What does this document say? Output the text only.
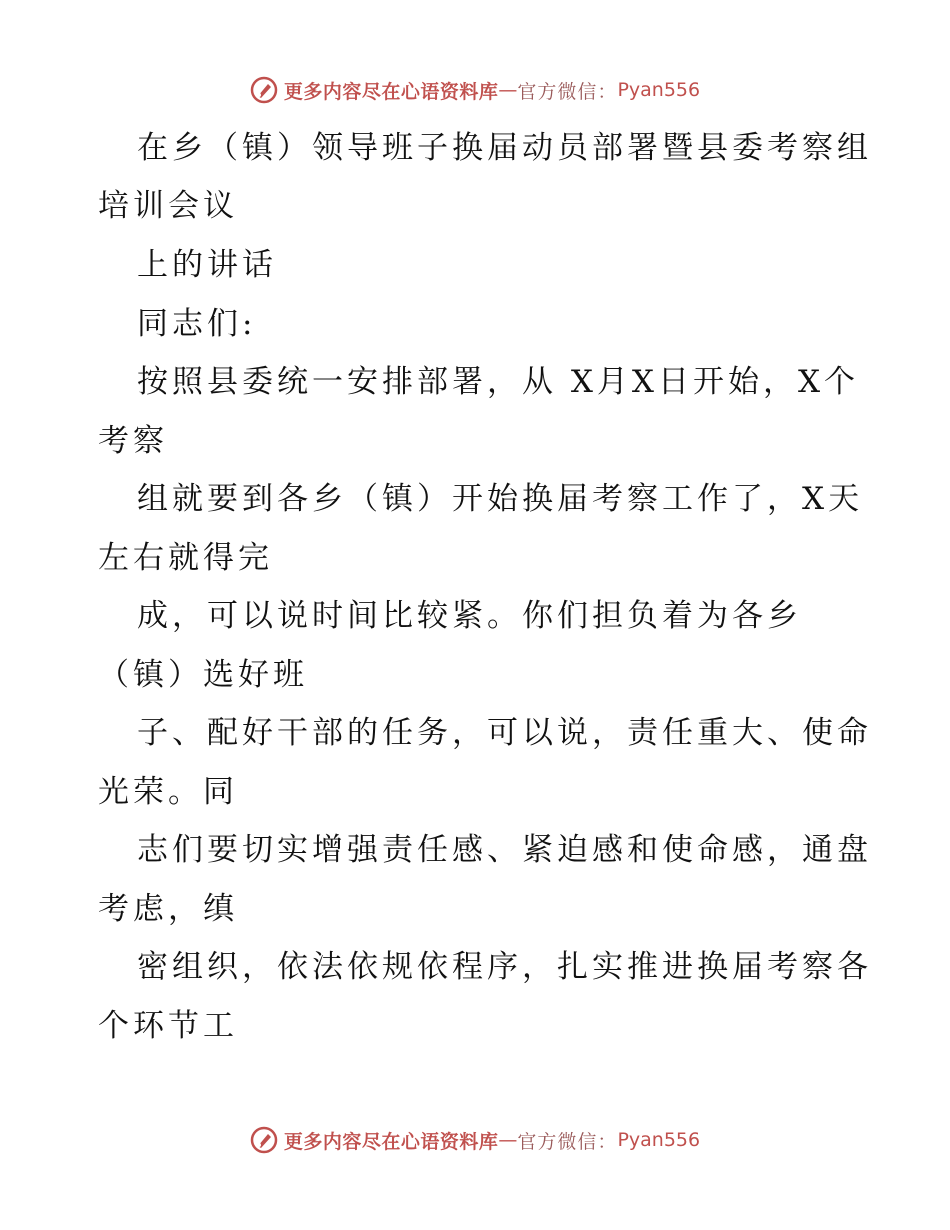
更多内容尽在心语资料库 — 官方微信： Pyan556
在乡（镇）领导班子换届动员部署暨县委考察组
培训会议
上的讲话
同志们:
按照县委统一安排部署，从 X月X日开始，X个
考察
组就要到各乡（镇）开始换届考察工作了，X天
左右就得完
成，可以说时间比较紧。你们担负着为各乡
（镇）选好班
子、配好干部的任务，可以说，责任重大、使命
光荣。同
志们要切实增强责任感、紧迫感和使命感，通盘
考虑，缜
密组织，依法依规依程序，扎实推进换届考察各
个环节工
更多内容尽在心语资料库 — 官方微信： Pyan556
